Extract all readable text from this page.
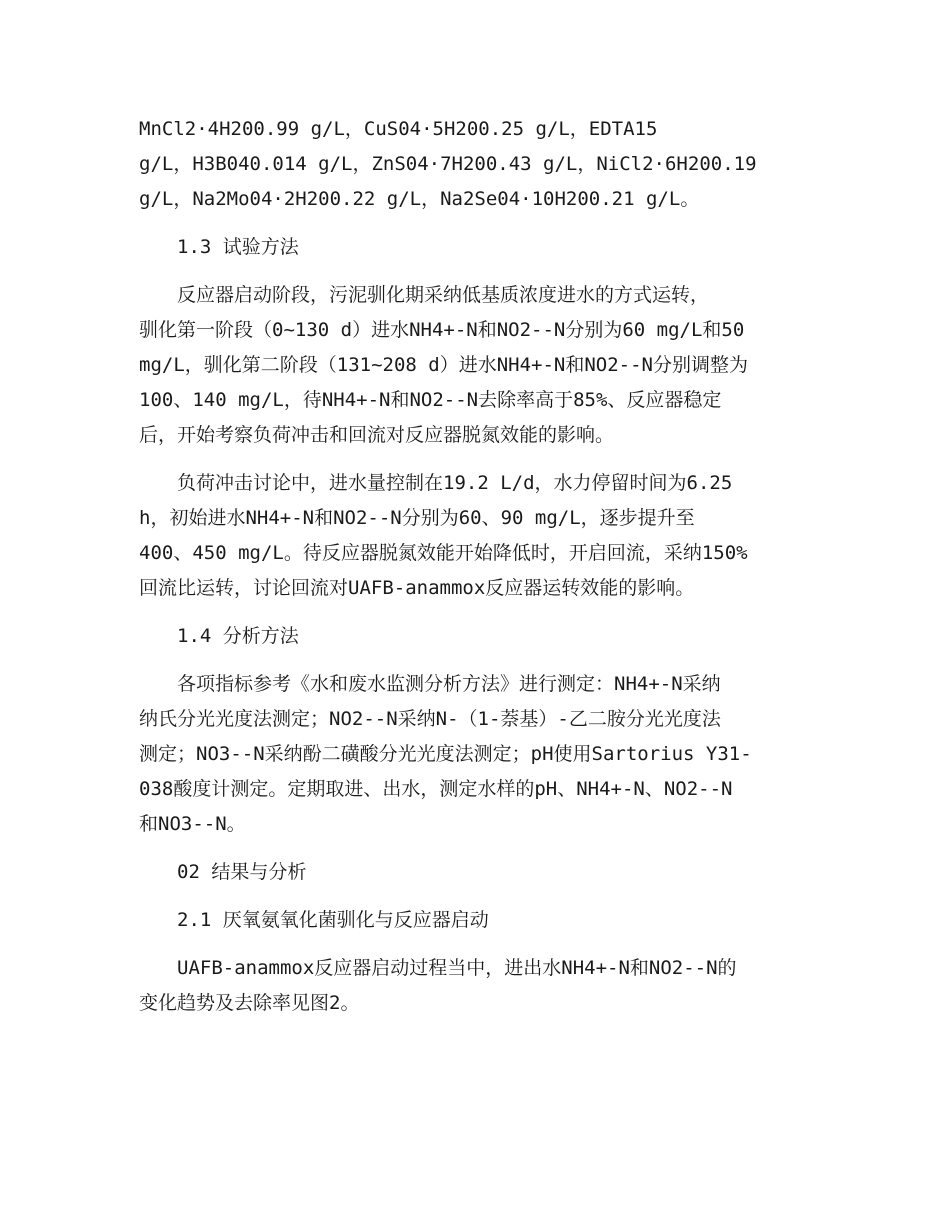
MnCl2·4H200.99 g/L，CuS04·5H200.25 g/L，EDTA15
g/L，H3B040.014 g/L，ZnS04·7H200.43 g/L，NiCl2·6H200.19
g/L，Na2Mo04·2H200.22 g/L，Na2Se04·10H200.21 g/L。
1.3 试验方法
反应器启动阶段，污泥驯化期采纳低基质浓度进水的方式运转，
驯化第一阶段（0~130 d）进水NH4+-N和NO2--N分别为60 mg/L和50
mg/L，驯化第二阶段（131~208 d）进水NH4+-N和NO2--N分别调整为
100、140 mg/L，待NH4+-N和NO2--N去除率高于85%、反应器稳定
后，开始考察负荷冲击和回流对反应器脱氮效能的影响。
负荷冲击讨论中，进水量控制在19.2 L/d，水力停留时间为6.25
h，初始进水NH4+-N和NO2--N分别为60、90 mg/L，逐步提升至
400、450 mg/L。待反应器脱氮效能开始降低时，开启回流，采纳150%
回流比运转，讨论回流对UAFB-anammox反应器运转效能的影响。
1.4 分析方法
各项指标参考《水和废水监测分析方法》进行测定：NH4+-N采纳
纳氏分光光度法测定；NO2--N采纳N-（1-萘基）-乙二胺分光光度法
测定；NO3--N采纳酚二磺酸分光光度法测定；pH使用Sartorius Y31-
038酸度计测定。定期取进、出水，测定水样的pH、NH4+-N、NO2--N
和NO3--N。
02 结果与分析
2.1 厌氧氨氧化菌驯化与反应器启动
UAFB-anammox反应器启动过程当中，进出水NH4+-N和NO2--N的
变化趋势及去除率见图2。
